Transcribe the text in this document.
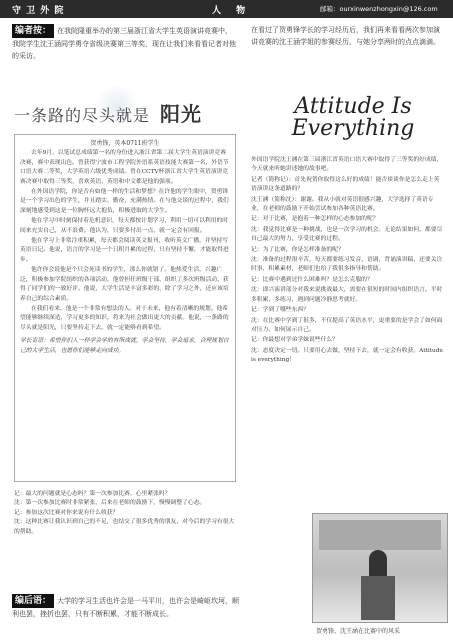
守 卫 外 院	人 物	邮箱：ourxinwenzhongxin@126.com
编者按： 在我院隆重举办的第三届浙江省大学生英语演讲竞赛中，我院学生沈王涵同学勇夺省级决赛第三等奖，现在让我们来看看记者对他的采访。
在看过了贺勇锋学长的学习经历后，我们再来看看两次参加演讲竞赛的沈王涵学姐的参赛经历，与她分享两时的点点滴滴。
一条路的尽头就是 阳光	Attitude Is Everything

贺勇锋，英本0711班学生

去年9月，以笔试总成绩第一名的身份进入浙江省第二届大学生英语演讲竞赛决赛，赛中表现出色。曾获得宁波市工程学院外语系英语技能大赛第一名，外语节口语大赛二等奖，大学英语六级优秀成绩。曾在CCTV杯浙江省大学生英语演讲竞赛决赛中取得三等奖，喜欢英语，英语和中文都是他的强项。

在外国语学院，你是否有如他一样的生活和梦想？在许他的学生眼中，贺勇锋是一个学习出色的学生，并且踏实、勤奋，充满热情。在与他交谈的过程中，我们深刻地感受到这是一位胸怀远大抱负，积极进取的大学生。

他在学习中时刻保持着危机意识，每天都按计划学习，利用一切可以利用的时间来充实自己，从不浪费。他认为，只要多付出一点，就一定会有回报。

他在学习上非常注重积累，每天都会阅读英文报刊，收听英文广播，并坚持写英语日记。他说，语言的学习是一个日积月累的过程，只有坚持不懈，才能取得进步。

他许你会说他是个只会死读书的学生，那么你就错了。他热爱生活，兴趣广泛，积极参加学院组织的各项活动。他曾担任班级干部，组织了多次班级活动，获得了同学们的一致好评。他说，大学生活是丰富多彩的，除了学习之外，还应该培养自己的综合素质。

在我们看来，他是一个非常有想法的人。对于未来，他有着清晰的规划。他希望能够继续深造，学习更多的知识，将来为社会做出更大的贡献。他说，一条路的尽头就是阳光，只要坚持走下去，就一定能够看到希望。

学长寄语：希望你们人一样学会学的有所成就，学会坚持，学会追求，合理规划自己的大学生活，也愿你们能够走向成功。

记：最大的问题就是心态吗？第一次参加比赛，心里紧张吗？

沈：第一次参加比赛时非常紧张，后来在老师的鼓励下，慢慢调整了心态。

记：参加这次比赛对你来说有什么收获？

沈：这种比赛让我认识到自己的不足，也结交了很多优秀的朋友，对今后的学习有很大的帮助。

编后语： 大学的学习生活也许会是一马平川，也许会是崎岖坎坷，顺利也罢，挫折也罢，只有不断积累，才能不断成长。

外国语学院沈王涵在第三届浙江省英语口语大赛中取得了三等奖的好成绩，今天就来听她讲述她的故事吧。

记者（简称记）：首先祝贺你取得这么好的成绩！能否谈谈你是怎么走上英语演讲这条道路的？

沈王涵（简称沈）：谢谢。我从小就对英语很感兴趣，大学选择了英语专业，在老师的鼓励下开始尝试参加各种英语比赛。

记：对于比赛，是抱着一种怎样的心态参加的呢？

沈：我觉得比赛是一种挑战，也是一次学习的机会。无论结果如何，都要尽自己最大的努力，享受比赛的过程。

记：为了比赛，你是怎样准备的呢？

沈：准备的过程很辛苦，每天都要练习发音、语调，背诵演讲稿，还要关注时事，积累素材，老师们也给了我很多指导和帮助。

记：比赛中遇到过什么困难吗？是怎么克服的？

沈：即兴演讲部分对我来说挑战最大，需要在很短的时间内组织语言。平时多积累，多练习，遇到问题冷静思考就好。

记：学到了哪些东西？

沈：在比赛中学到了很多，不仅提高了英语水平，更重要的是学会了如何面对压力，如何展示自己。

记：你最想对学弟学妹说些什么？

沈：态度决定一切。只要用心去做，坚持下去，就一定会有收获。Attitude is everything！

贺勇锋、沈王涵在比赛中的风采
